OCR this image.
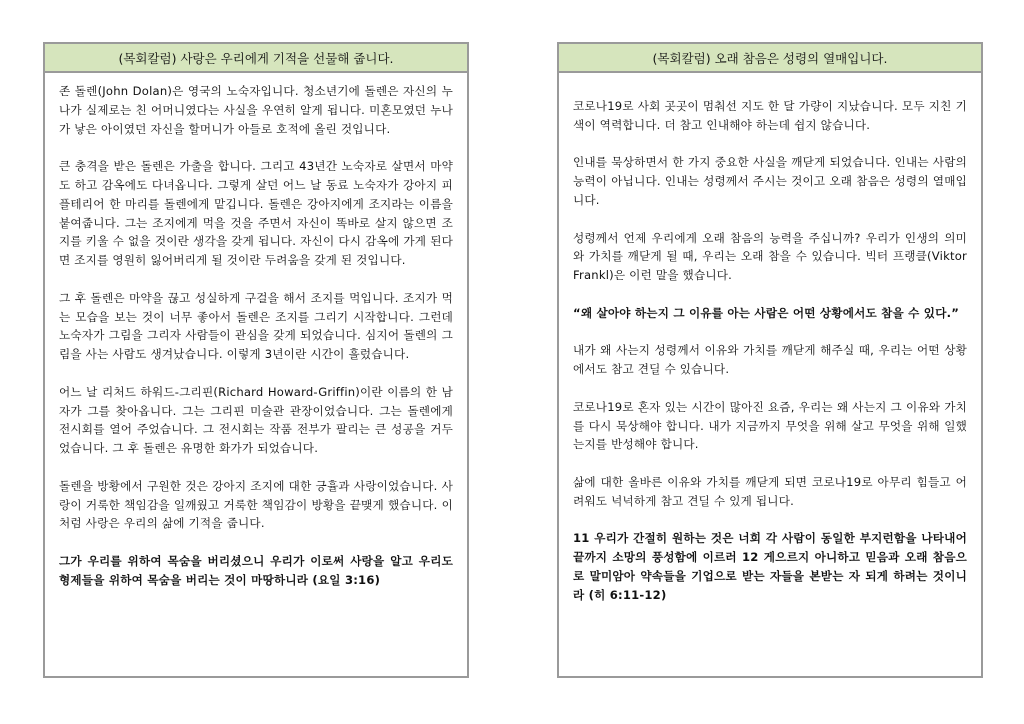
(목회칼럼) 사랑은 우리에게 기적을 선물해 줍니다.

존 돌렌(John Dolan)은 영국의 노숙자입니다. 청소년기에 돌렌은 자신의 누나가 실제로는 친 어머니였다는 사실을 우연히 알게 됩니다. 미혼모였던 누나가 낳은 아이였던 자신을 할머니가 아들로 호적에 올린 것입니다.

큰 충격을 받은 돌렌은 가출을 합니다. 그리고 43년간 노숙자로 살면서 마약도 하고 감옥에도 다녀옵니다. 그렇게 살던 어느 날 동료 노숙자가 강아지 피플테리어 한 마리를 돌렌에게 맡깁니다. 돌렌은 강아지에게 조지라는 이름을 붙여줍니다. 그는 조지에게 먹을 것을 주면서 자신이 똑바로 살지 않으면 조지를 키울 수 없을 것이란 생각을 갖게 됩니다. 자신이 다시 감옥에 가게 된다면 조지를 영원히 잃어버리게 될 것이란 두려움을 갖게 된 것입니다.

그 후 돌렌은 마약을 끊고 성실하게 구걸을 해서 조지를 먹입니다. 조지가 먹는 모습을 보는 것이 너무 좋아서 돌렌은 조지를 그리기 시작합니다. 그런데 노숙자가 그림을 그리자 사람들이 관심을 갖게 되었습니다. 심지어 돌렌의 그림을 사는 사람도 생겨났습니다. 이렇게 3년이란 시간이 흘렀습니다.

어느 날 리처드 하워드-그리핀(Richard Howard-Griffin)이란 이름의 한 남자가 그를 찾아옵니다. 그는 그리핀 미술관 관장이었습니다. 그는 돌렌에게 전시회를 열어 주었습니다. 그 전시회는 작품 전부가 팔리는 큰 성공을 거두었습니다. 그 후 돌렌은 유명한 화가가 되었습니다.

돌렌을 방황에서 구원한 것은 강아지 조지에 대한 긍휼과 사랑이었습니다. 사랑이 거룩한 책임감을 일깨웠고 거룩한 책임감이 방황을 끝맺게 했습니다. 이처럼 사랑은 우리의 삶에 기적을 줍니다.

그가 우리를 위하여 목숨을 버리셨으니 우리가 이로써 사랑을 알고 우리도 형제들을 위하여 목숨을 버리는 것이 마땅하니라 (요일 3:16)

(목회칼럼) 오래 참음은 성령의 열매입니다.

코로나19로 사회 곳곳이 멈춰선 지도 한 달 가량이 지났습니다. 모두 지친 기색이 역력합니다. 더 참고 인내해야 하는데 쉽지 않습니다.

인내를 묵상하면서 한 가지 중요한 사실을 깨닫게 되었습니다. 인내는 사람의 능력이 아닙니다. 인내는 성령께서 주시는 것이고 오래 참음은 성령의 열매입니다.

성령께서 언제 우리에게 오래 참음의 능력을 주십니까? 우리가 인생의 의미와 가치를 깨닫게 될 때, 우리는 오래 참을 수 있습니다. 빅터 프랭클(Viktor Frankl)은 이런 말을 했습니다.

“왜 살아야 하는지 그 이유를 아는 사람은 어떤 상황에서도 참을 수 있다.”

내가 왜 사는지 성령께서 이유와 가치를 깨닫게 해주실 때, 우리는 어떤 상황에서도 참고 견딜 수 있습니다.

코로나19로 혼자 있는 시간이 많아진 요즘, 우리는 왜 사는지 그 이유와 가치를 다시 묵상해야 합니다. 내가 지금까지 무엇을 위해 살고 무엇을 위해 일했는지를 반성해야 합니다.

삶에 대한 올바른 이유와 가치를 깨닫게 되면 코로나19로 아무리 힘들고 어려워도 넉넉하게 참고 견딜 수 있게 됩니다.

11 우리가 간절히 원하는 것은 너희 각 사람이 동일한 부지런함을 나타내어 끝까지 소망의 풍성함에 이르러 12 게으르지 아니하고 믿음과 오래 참음으로 말미암아 약속들을 기업으로 받는 자들을 본받는 자 되게 하려는 것이니라 (히 6:11-12)
